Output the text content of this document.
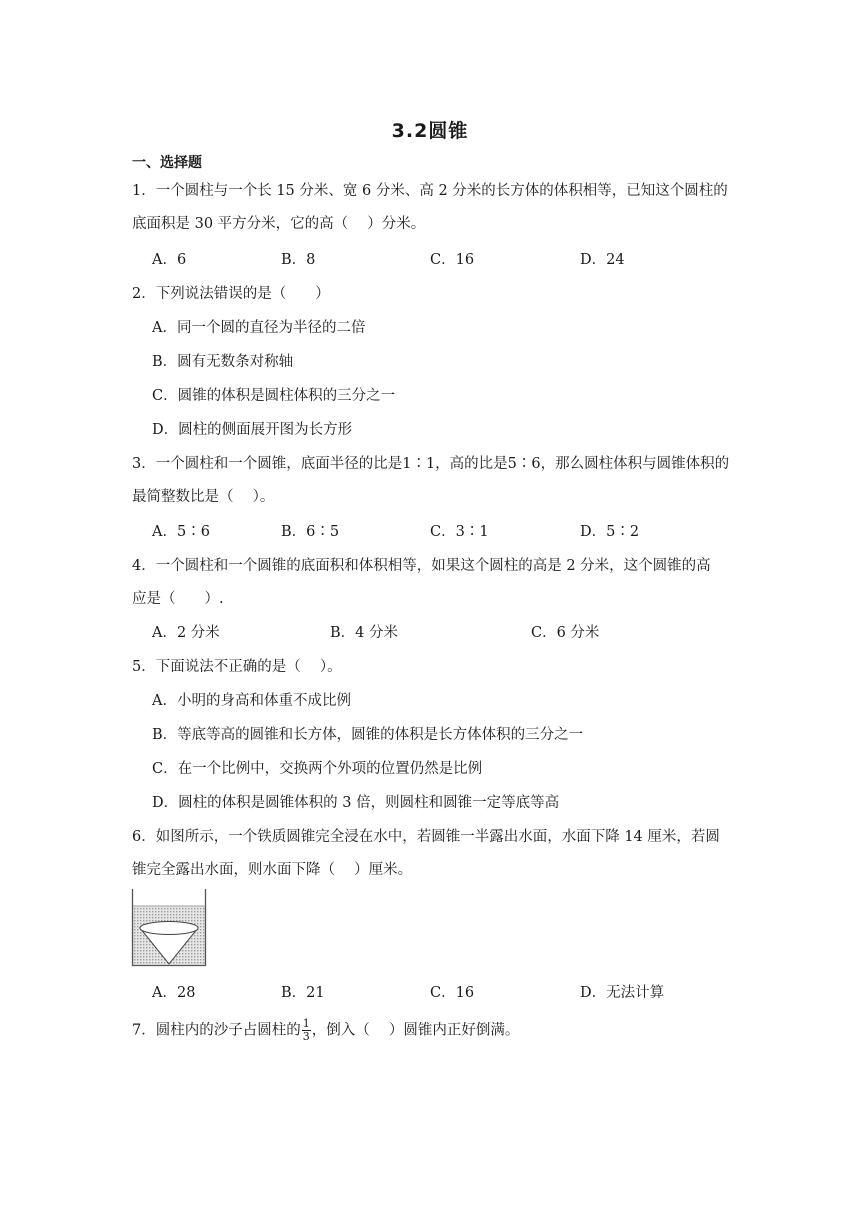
3.2圆锥
一、选择题
1．一个圆柱与一个长 15 分米、宽 6 分米、高 2 分米的长方体的体积相等，已知这个圆柱的
底面积是 30 平方分米，它的高（　 ）分米。
A．6	B．8	C．16	D．24
2．下列说法错误的是（　　）
A．同一个圆的直径为半径的二倍
B．圆有无数条对称轴
C．圆锥的体积是圆柱体积的三分之一
D．圆柱的侧面展开图为长方形
3．一个圆柱和一个圆锥，底面半径的比是1∶1，高的比是5∶6，那么圆柱体积与圆锥体积的
最简整数比是（　 ）。
A．5∶6	B．6∶5	C．3∶1	D．5∶2
4．一个圆柱和一个圆锥的底面积和体积相等，如果这个圆柱的高是 2 分米，这个圆锥的高
应是（　　）.
A．2 分米	B．4 分米	C．6 分米
5．下面说法不正确的是（　 ）。
A．小明的身高和体重不成比例
B．等底等高的圆锥和长方体，圆锥的体积是长方体体积的三分之一
C．在一个比例中，交换两个外项的位置仍然是比例
D．圆柱的体积是圆锥体积的 3 倍，则圆柱和圆锥一定等底等高
6．如图所示，一个铁质圆锥完全浸在水中，若圆锥一半露出水面，水面下降 14 厘米，若圆
锥完全露出水面，则水面下降（　 ）厘米。
A．28	B．21	C．16	D．无法计算
7．圆柱内的沙子占圆柱的 $\frac{1}{3}$ ，倒入（　 ）圆锥内正好倒满。
